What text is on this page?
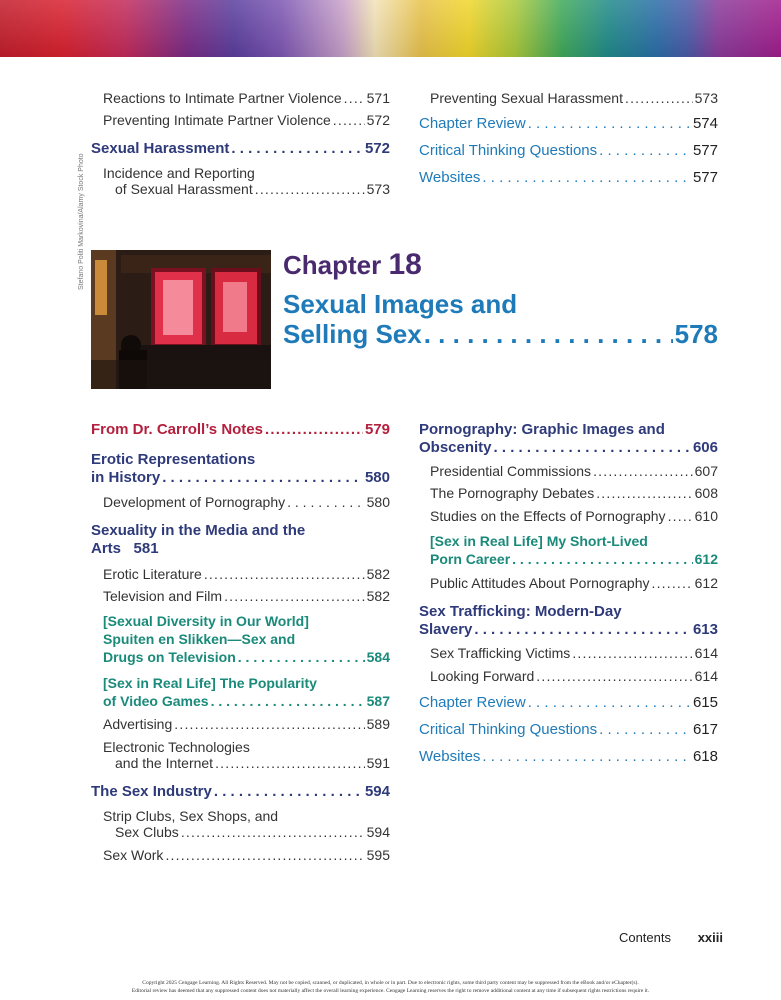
Reactions to Intimate Partner Violence ..... 571
Preventing Intimate Partner Violence .....	572
Sexual Harassment . . .	572
Incidence and Reporting
of Sexual Harassment .....	573
Preventing Sexual Harassment .....	573
Chapter Review . . .	574
Critical Thinking Questions . . .	577
Websites . . .	577
Stefano Politi Markovina/Alamy Stock Photo	Chapter 18
Sexual Images and
Selling Sex . . .	578
From Dr. Carroll’s Notes .....	579
Erotic Representations
in History . . .	580
Development of Pornography . . .	580
Sexuality in the Media and the
Arts 581
Erotic Literature .....	582
Television and Film .....	582
[Sexual Diversity in Our World]
Spuiten en Slikken—Sex and
Drugs on Television . . .	584
[Sex in Real Life] The Popularity
of Video Games . . .	587
Advertising .....	589
Electronic Technologies
and the Internet .....	591
The Sex Industry . . .	594
Strip Clubs, Sex Shops, and
Sex Clubs .....	594
Sex Work .....	595
Pornography: Graphic Images and
Obscenity . . .	606
Presidential Commissions .....	607
The Pornography Debates .....	608
Studies on the Effects of Pornography ..... 610
[Sex in Real Life] My Short-Lived
Porn Career . . .	612
Public Attitudes About Pornography .....	612
Sex Trafficking: Modern-Day
Slavery . . .	613
Sex Trafficking Victims .....	614
Looking Forward .....	614
Chapter Review . . .	615
Critical Thinking Questions . . .	617
Websites . . .	618
Contents xxiii
Copyright 2025 Cengage Learning. All Rights Reserved. May not be copied, scanned, or duplicated, in whole or in part. Due to electronic rights, some third party content may be suppressed from the eBook and/or eChapter(s).
Editorial review has deemed that any suppressed content does not materially affect the overall learning experience. Cengage Learning reserves the right to remove additional content at any time if subsequent rights restrictions require it.
